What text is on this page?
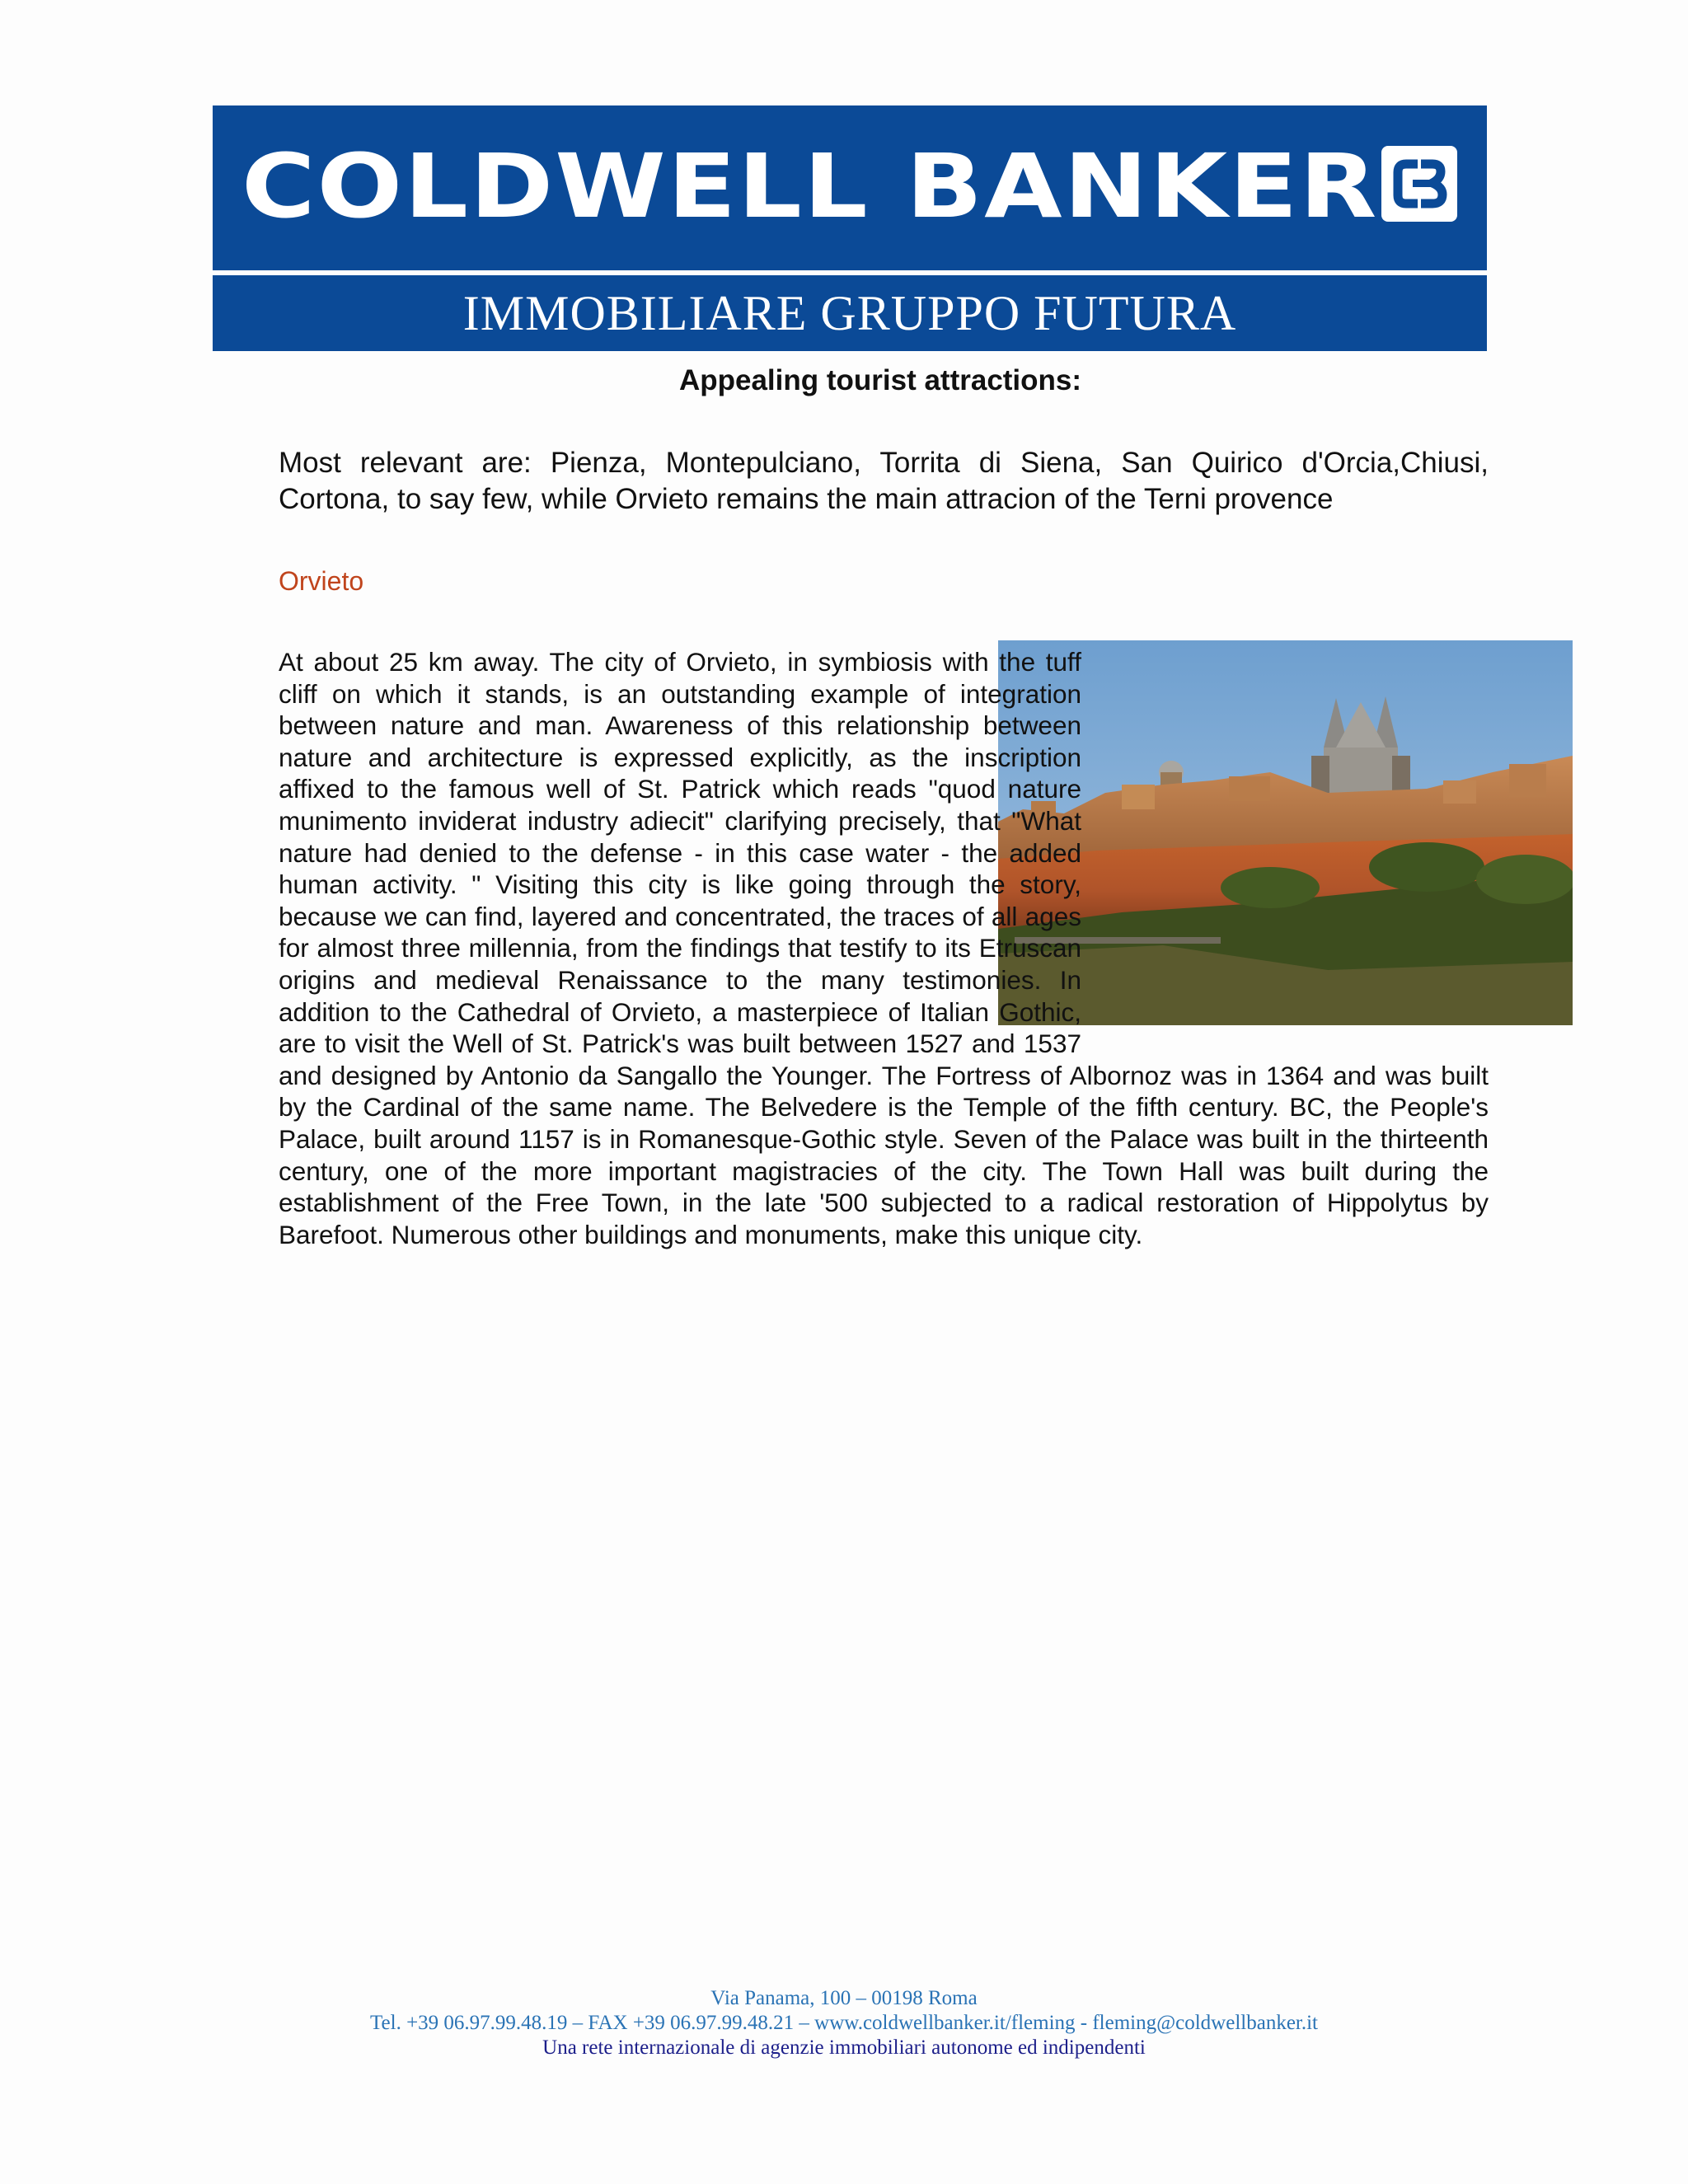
COLDWELL BANKER
IMMOBILIARE GRUPPO FUTURA
Appealing tourist attractions:
Most relevant are: Pienza, Montepulciano, Torrita di Siena, San Quirico d'Orcia,Chiusi, Cortona, to say few, while Orvieto remains the main attracion of the Terni provence
Orvieto
At about 25 km away. The city of Orvieto, in symbiosis with the tuff cliff on which it stands, is an outstanding example of integration between nature and man. Awareness of this relationship between nature and architecture is expressed explicitly, as the inscription affixed to the famous well of St. Patrick which reads "quod nature munimento inviderat industry adiecit" clarifying precisely, that "What nature had denied to the defense - in this case water - the added human activity. " Visiting this city is like going through the story, because we can find, layered and concentrated, the traces of all ages for almost three millennia, from the findings that testify to its Etruscan origins and medieval Renaissance to the many testimonies. In addition to the Cathedral of Orvieto, a masterpiece of Italian Gothic, are to visit the Well of St. Patrick's was built between 1527 and 1537 and designed by Antonio da Sangallo the Younger. The Fortress of Albornoz was in 1364 and was built by the Cardinal of the same name. The Belvedere is the Temple of the fifth century. BC, the People's Palace, built around 1157 is in Romanesque-Gothic style. Seven of the Palace was built in the thirteenth century, one of the more important magistracies of the city. The Town Hall was built during the establishment of the Free Town, in the late '500 subjected to a radical restoration of Hippolytus by Barefoot. Numerous other buildings and monuments, make this unique city.
Via Panama, 100 – 00198 Roma
Tel. +39 06.97.99.48.19 – FAX +39 06.97.99.48.21 – www.coldwellbanker.it/fleming - fleming@coldwellbanker.it
Una rete internazionale di agenzie immobiliari autonome ed indipendenti
